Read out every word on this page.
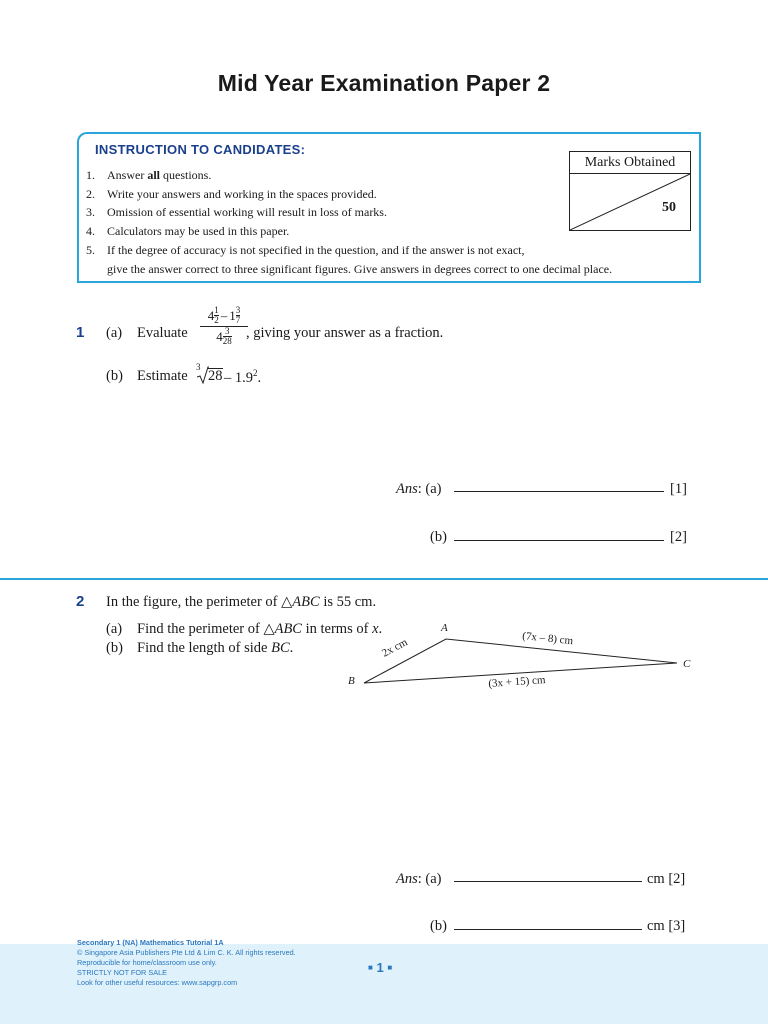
Mid Year Examination Paper 2
INSTRUCTION TO CANDIDATES:
1.	Answer all questions.
2.	Write your answers and working in the spaces provided.
3.	Omission of essential working will result in loss of marks.
4.	Calculators may be used in this paper.
5.	If the degree of accuracy is not specified in the question, and if the answer is not exact,
give the answer correct to three significant figures. Give answers in degrees correct to one decimal place.
Marks Obtained
50
1 (a) Evaluate $\frac{4 \frac{1}{2} - 1 \frac{3}{7}}{4 \frac{3}{28}}$
, giving your answer as a fraction.
(b) Estimate
3
$28 - 1.9^2$.
Ans: (a)	[1]
(b)	[2]
2 In the figure, the perimeter of △ABC is 55 cm.
(a) Find the perimeter of △ABC in terms of x.
(b) Find the length of side BC.
A
B
C
2x cm	(7x – 8) cm
(3x + 15) cm
Ans: (a)	cm [2]
(b)	cm [3]
Secondary 1 (NA) Mathematics Tutorial 1A
© Singapore Asia Publishers Pte Ltd & Lim C. K. All rights reserved.
Reproducible for home/classroom use only.
STRICTLY NOT FOR SALE
Look for other useful resources: www.sapgrp.com
■ 1 ■
